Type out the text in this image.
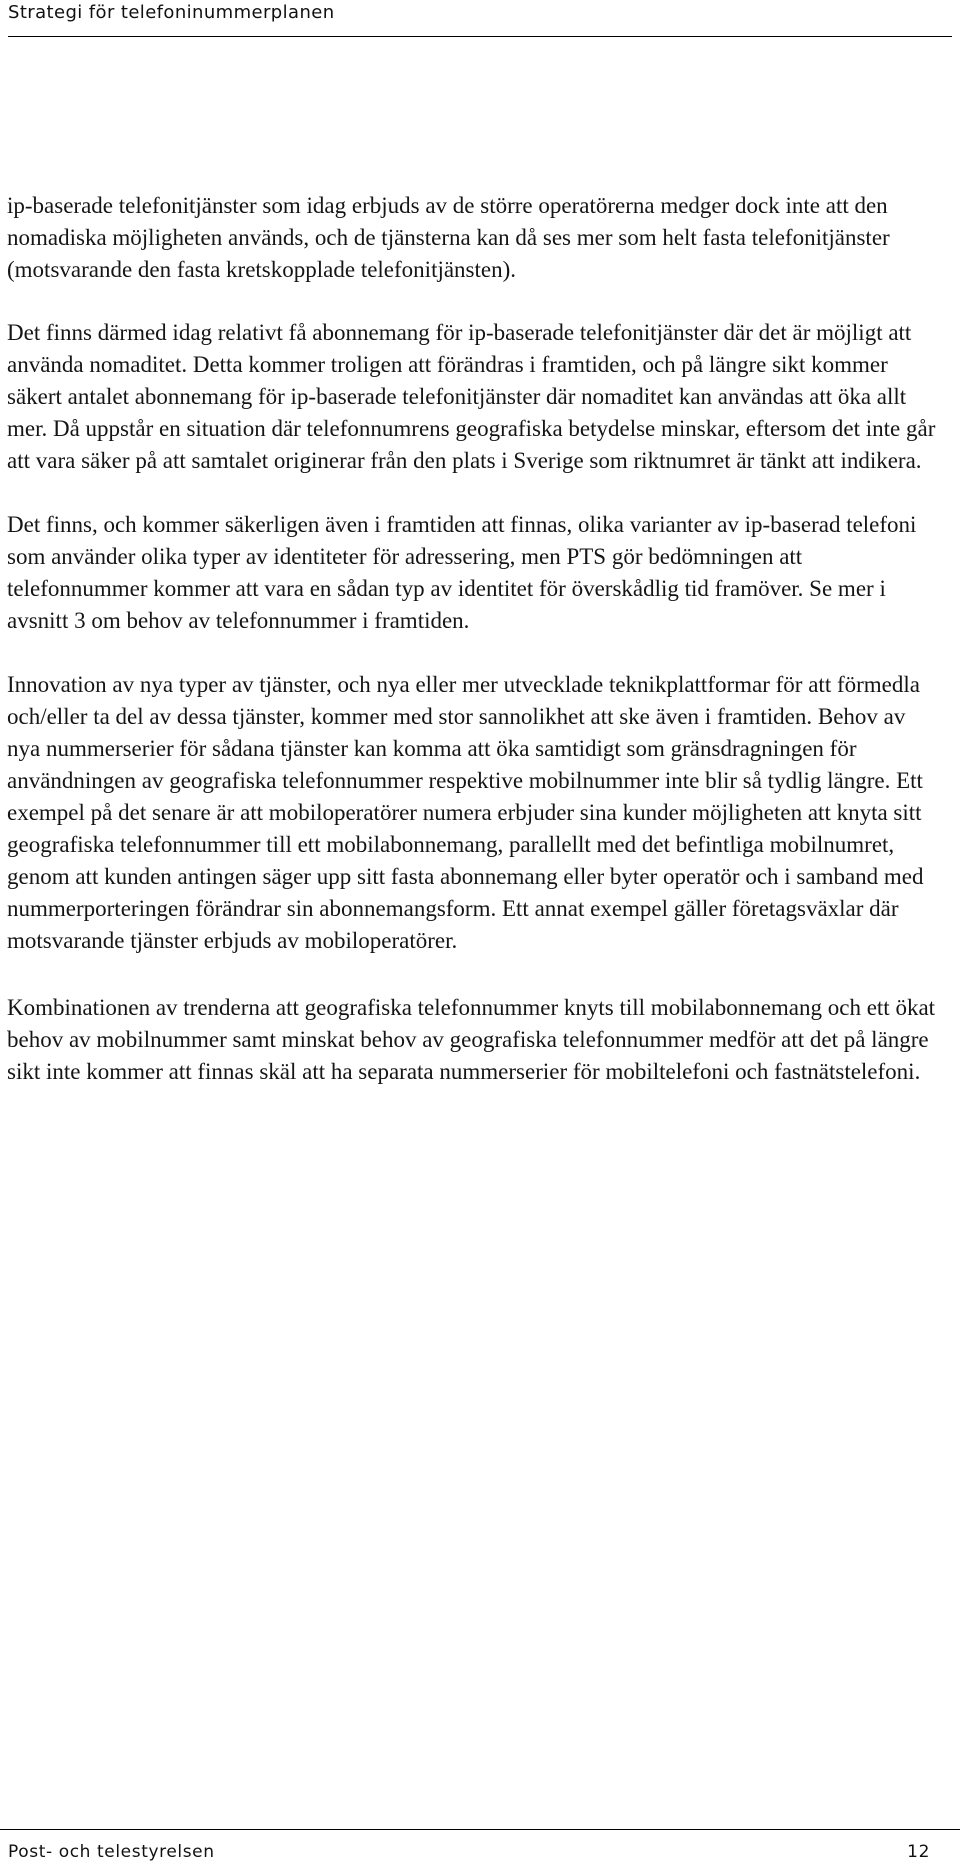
Strategi för telefoninummerplanen

ip-baserade telefonitjänster som idag erbjuds av de större operatörerna medger dock inte att den nomadiska möjligheten används, och de tjänsterna kan då ses mer som helt fasta telefonitjänster (motsvarande den fasta kretskopplade telefonitjänsten).

Det finns därmed idag relativt få abonnemang för ip-baserade telefonitjänster där det är möjligt att använda nomaditet. Detta kommer troligen att förändras i framtiden, och på längre sikt kommer säkert antalet abonnemang för ip-baserade telefonitjänster där nomaditet kan användas att öka allt mer. Då uppstår en situation där telefonnumrens geografiska betydelse minskar, eftersom det inte går att vara säker på att samtalet originerar från den plats i Sverige som riktnumret är tänkt att indikera.

Det finns, och kommer säkerligen även i framtiden att finnas, olika varianter av ip-baserad telefoni som använder olika typer av identiteter för adressering, men PTS gör bedömningen att telefonnummer kommer att vara en sådan typ av identitet för överskådlig tid framöver. Se mer i avsnitt 3 om behov av telefonnummer i framtiden.

Innovation av nya typer av tjänster, och nya eller mer utvecklade teknikplattformar för att förmedla och/eller ta del av dessa tjänster, kommer med stor sannolikhet att ske även i framtiden. Behov av nya nummerserier för sådana tjänster kan komma att öka samtidigt som gränsdragningen för användningen av geografiska telefonnummer respektive mobilnummer inte blir så tydlig längre. Ett exempel på det senare är att mobiloperatörer numera erbjuder sina kunder möjligheten att knyta sitt geografiska telefonnummer till ett mobilabonnemang, parallellt med det befintliga mobilnumret, genom att kunden antingen säger upp sitt fasta abonnemang eller byter operatör och i samband med nummerporteringen förändrar sin abonnemangsform. Ett annat exempel gäller företagsväxlar där motsvarande tjänster erbjuds av mobiloperatörer.

Kombinationen av trenderna att geografiska telefonnummer knyts till mobilabonnemang och ett ökat behov av mobilnummer samt minskat behov av geografiska telefonnummer medför att det på längre sikt inte kommer att finnas skäl att ha separata nummerserier för mobiltelefoni och fastnätstelefoni.

Post- och telestyrelsen	12
